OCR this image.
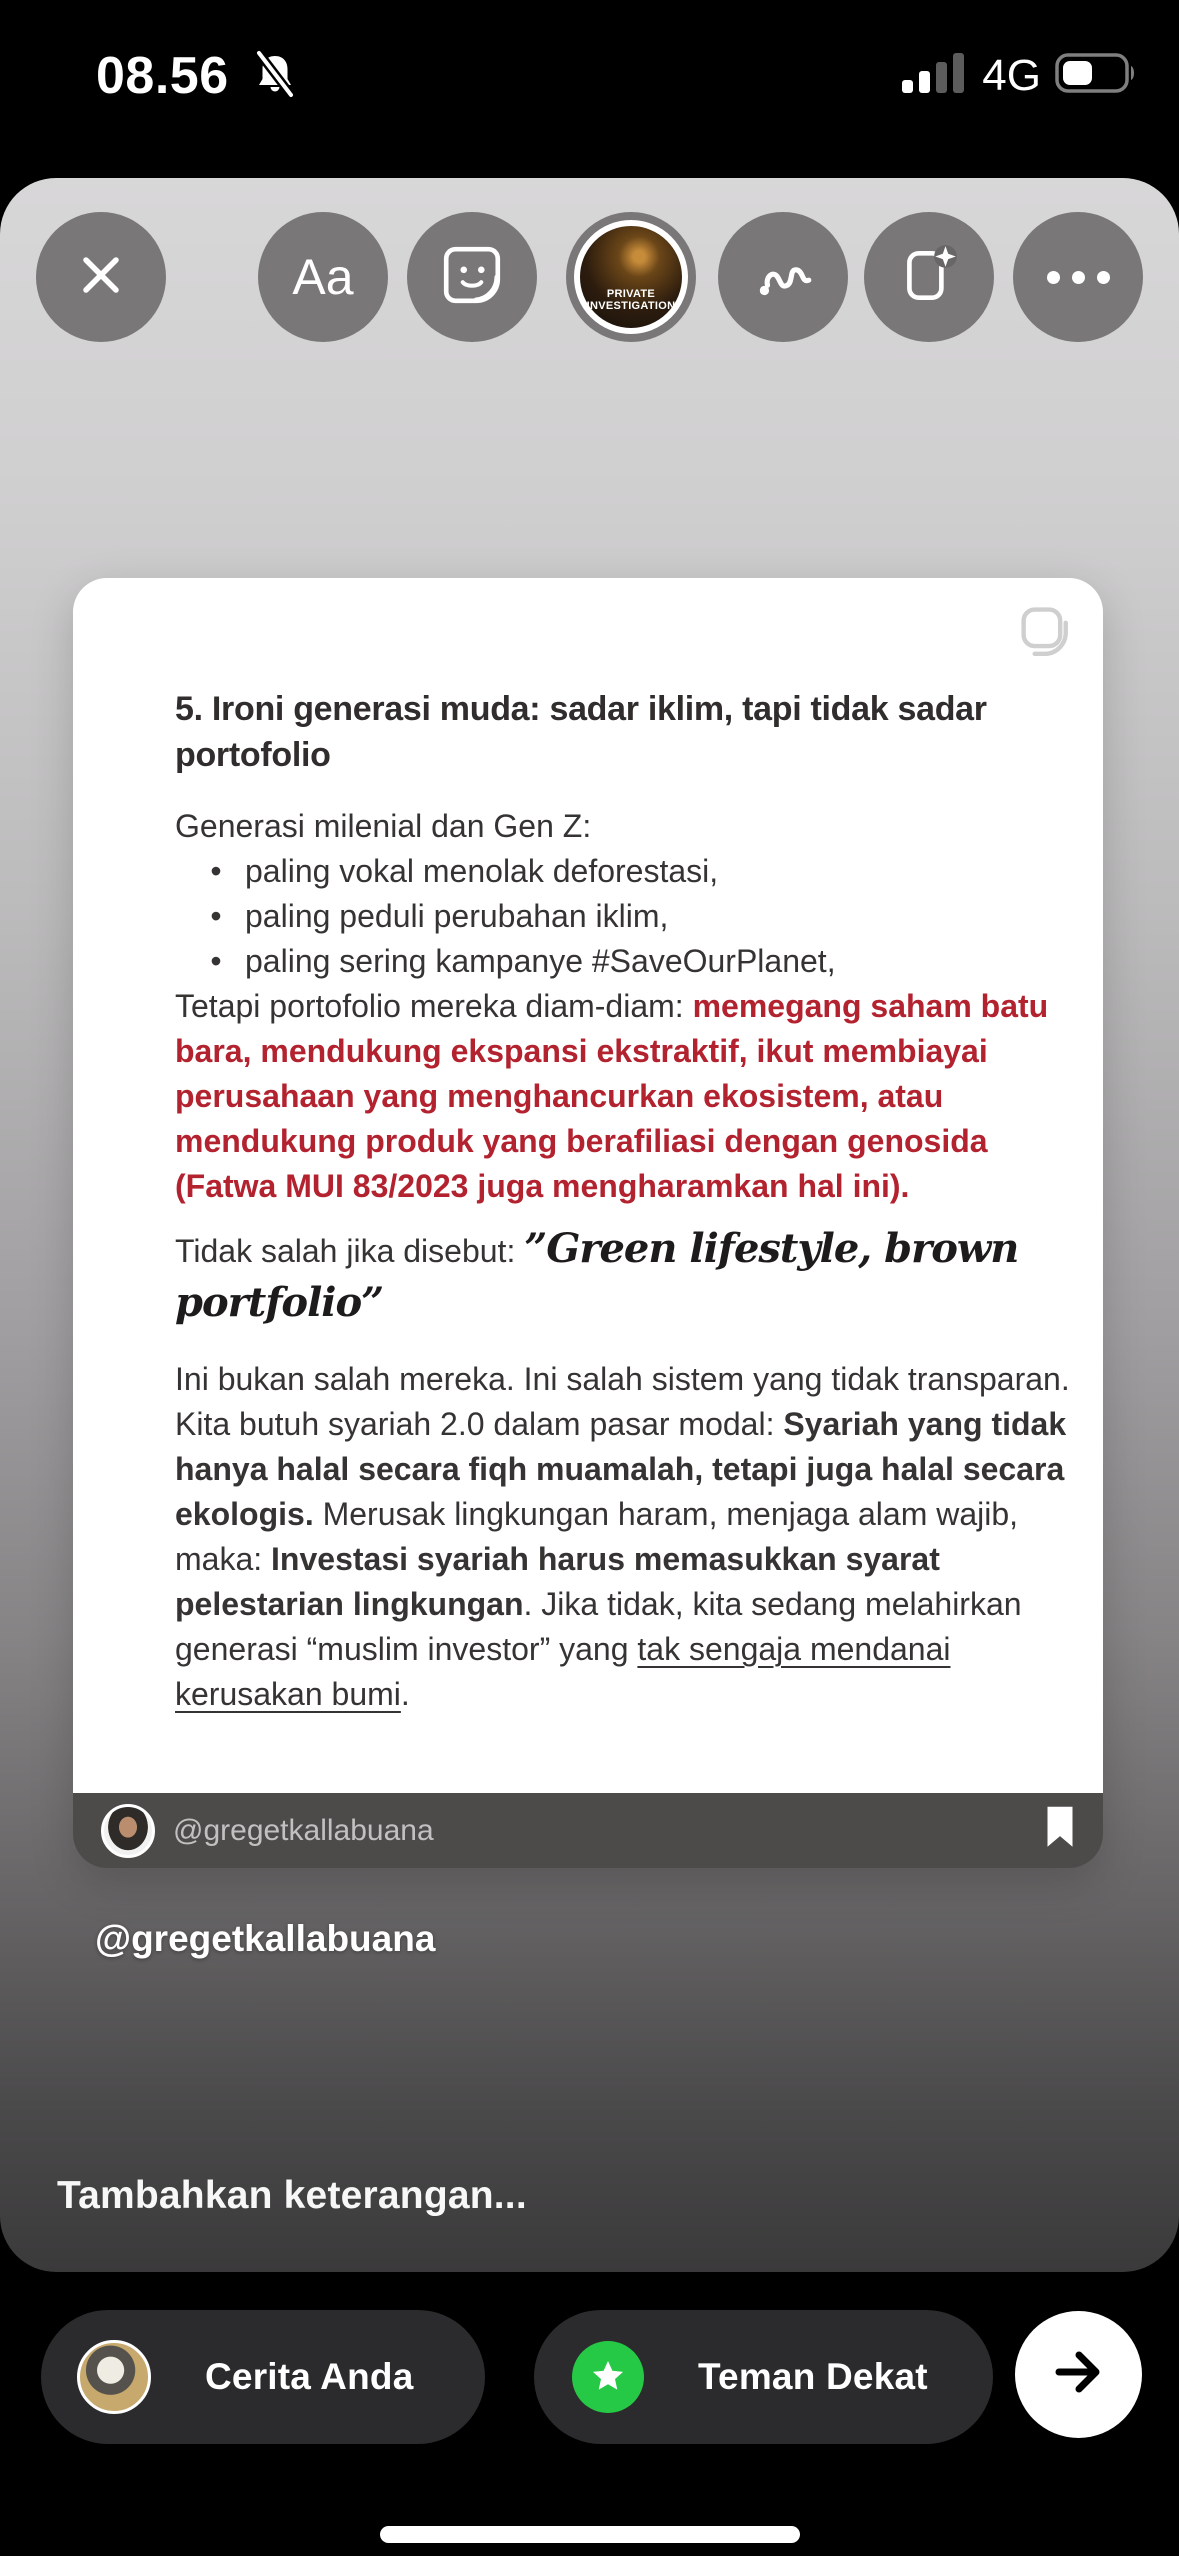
08.56	4G
Aa	PRIVATE
INVESTIGATION
5. Ironi generasi muda: sadar iklim, tapi tidak sadar portofolio

Generasi milenial dan Gen Z:

• paling vokal menolak deforestasi,
• paling peduli perubahan iklim,
• paling sering kampanye #SaveOurPlanet,

Tetapi portofolio mereka diam-diam: memegang saham batu bara, mendukung ekspansi ekstraktif, ikut membiayai perusahaan yang menghancurkan ekosistem, atau mendukung produk yang berafiliasi dengan genosida (Fatwa MUI 83/2023 juga mengharamkan hal ini).

Tidak salah jika disebut: ”Green lifestyle, brown portfolio”

Ini bukan salah mereka. Ini salah sistem yang tidak transparan. Kita butuh syariah 2.0 dalam pasar modal: Syariah yang tidak hanya halal secara fiqh muamalah, tetapi juga halal secara ekologis. Merusak lingkungan haram, menjaga alam wajib, maka: Investasi syariah harus memasukkan syarat pelestarian lingkungan. Jika tidak, kita sedang melahirkan generasi “muslim investor” yang tak sengaja mendanai kerusakan bumi.

@gregetkallabuana
@gregetkallabuana
Tambahkan keterangan...
Cerita Anda	Teman Dekat
